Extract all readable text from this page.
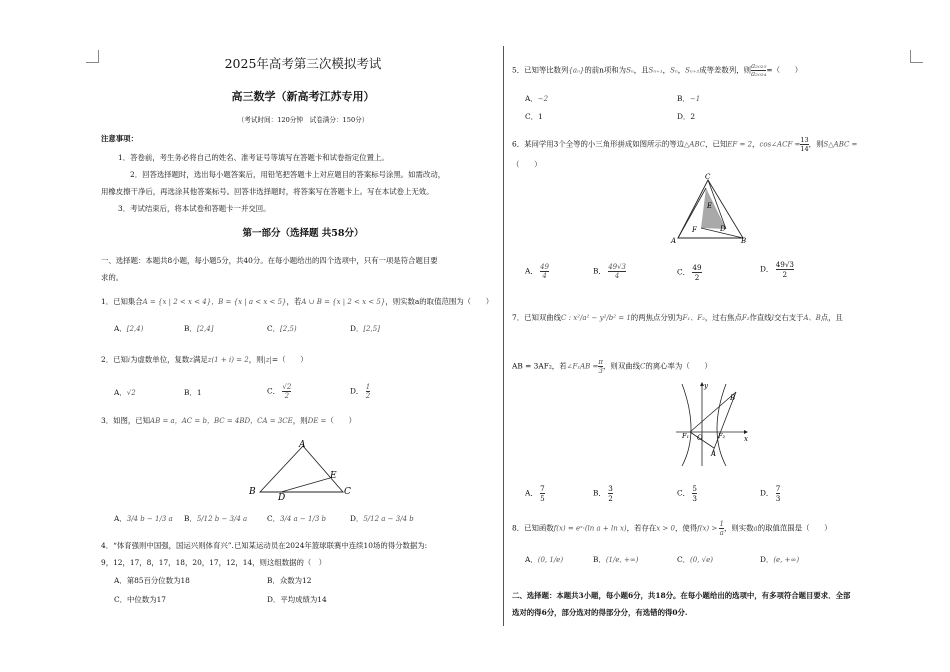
2025年高考第三次模拟考试
高三数学（新高考江苏专用）
（考试时间：120分钟　试卷满分：150分）
注意事项：
1．答卷前，考生务必将自己的姓名、准考证号等填写在答题卡和试卷指定位置上。
2．回答选择题时，选出每小题答案后，用铅笔把答题卡上对应题目的答案标号涂黑。如需改动，
用橡皮擦干净后，再选涂其他答案标号。回答非选择题时，将答案写在答题卡上。写在本试卷上无效。
3．考试结束后，将本试卷和答题卡一并交回。
第一部分（选择题 共58分）
一、选择题：本题共8小题，每小题5分，共40分。在每小题给出的四个选项中，只有一项是符合题目要
求的。
1．已知集合A = {x | 2 < x < 4}，B = {x | a < x < 5}，若A ∪ B = {x | 2 < x < 5}，则实数a的取值范围为（　　）
A．[2,4)	B．[2,4]	C．[2,5)	D．[2,5]
2．已知i为虚数单位，复数z满足z(1 + i) = 2，则|z|=（　　）
A．√2	B．1	C． $\frac{√2}{2}$	D． $\frac{1}{2}$
3．如图，已知AB = a，AC = b，BC = 4BD，CA = 3CE，则DE =（　　）
A
B	C
D
E
A．3/4 b − 1/3 a B．5/12 b − 3/4 a	C．3/4 a − 1/3 b	D．5/12 a − 3/4 b
4．“体育强则中国强，国运兴则体育兴”.已知某运动员在2024年篮球联赛中连续10场的得分数据为:
9，12，17，8，17，18，20，17，12，14，则这组数据的（　）
A．第85百分位数为18	B．众数为12
C．中位数为17	D．平均成绩为14
5．已知等比数列{aₙ}的前n项和为Sₙ，且Sₙ₊₁，Sₙ，Sₙ₊₂成等差数列，则 $\frac{\text{a₂₀₂₅}}{\text{a₂₀₂₄}}$ =（　　）
A．−2	B．−1
C．1	D．2
6．某同学用3个全等的小三角形拼成如图所示的等边△ABC，已知EF = 2，cos∠ACF = $\frac{13}{14}$ ，则S△ABC =
（　　）
C
A	B
E
F	D
A． $\frac{49}{4}$	B． $\frac{49√3}{4}$	C． $\frac{49}{2}$	D． $\frac{49√3}{2}$
7．已知双曲线C : x²/a² − y²/b² = 1的两焦点分别为F₁、F₂，过右焦点F₂作直线l交右支于A、B点，且
AB = 3AF₂，若∠F₁AB = $\frac{\pi}{3}$ ，则双曲线C的离心率为（　　）
y
x
O
F₁	F₂
A
B
A． $\frac{7}{5}$	B． $\frac{3}{2}$	C． $\frac{5}{3}$	D． $\frac{7}{3}$
8．已知函数f(x) = eˣ·(ln a + ln x)，若存在x > 0，使得$f(x) > \frac{1}{a}$ ，则实数a的取值范围是（　　）
A．(0, 1/e)	B．(1/e, +∞)	C．(0, √e)	D．(e, +∞)
二、选择题：本题共3小题，每小题6分，共18分。在每小题给出的选项中，有多项符合题目要求．全部
选对的得6分，部分选对的得部分分，有选错的得0分.
